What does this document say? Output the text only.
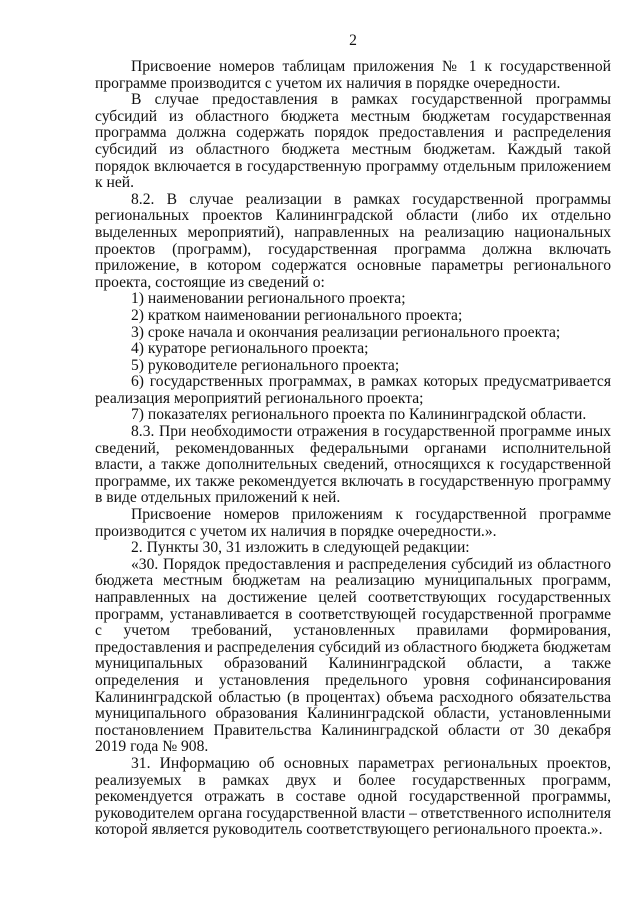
2

Присвоение номеров таблицам приложения № 1 к государственной программе производится с учетом их наличия в порядке очередности.

В случае предоставления в рамках государственной программы субсидий из областного бюджета местным бюджетам государственная программа должна содержать порядок предоставления и распределения субсидий из областного бюджета местным бюджетам. Каждый такой порядок включается в государственную программу отдельным приложением к ней.

8.2. В случае реализации в рамках государственной программы региональных проектов Калининградской области (либо их отдельно выделенных мероприятий), направленных на реализацию национальных проектов (программ), государственная программа должна включать приложение, в котором содержатся основные параметры регионального проекта, состоящие из сведений о:

1) наименовании регионального проекта;

2) кратком наименовании регионального проекта;

3) сроке начала и окончания реализации регионального проекта;

4) кураторе регионального проекта;

5) руководителе регионального проекта;

6) государственных программах, в рамках которых предусматривается реализация мероприятий регионального проекта;

7) показателях регионального проекта по Калининградской области.

8.3. При необходимости отражения в государственной программе иных сведений, рекомендованных федеральными органами исполнительной власти, а также дополнительных сведений, относящихся к государственной программе, их также рекомендуется включать в государственную программу в виде отдельных приложений к ней.

Присвоение номеров приложениям к государственной программе производится с учетом их наличия в порядке очередности.».

2. Пункты 30, 31 изложить в следующей редакции:

«30. Порядок предоставления и распределения субсидий из областного бюджета местным бюджетам на реализацию муниципальных программ, направленных на достижение целей соответствующих государственных программ, устанавливается в соответствующей государственной программе с учетом требований, установленных правилами формирования, предоставления и распределения субсидий из областного бюджета бюджетам муниципальных образований Калининградской области, а также определения и установления предельного уровня софинансирования Калининградской областью (в процентах) объема расходного обязательства муниципального образования Калининградской области, установленными постановлением Правительства Калининградской области от 30 декабря 2019 года № 908.

31. Информацию об основных параметрах региональных проектов, реализуемых в рамках двух и более государственных программ, рекомендуется отражать в составе одной государственной программы, руководителем органа государственной власти – ответственного исполнителя которой является руководитель соответствующего регионального проекта.».
